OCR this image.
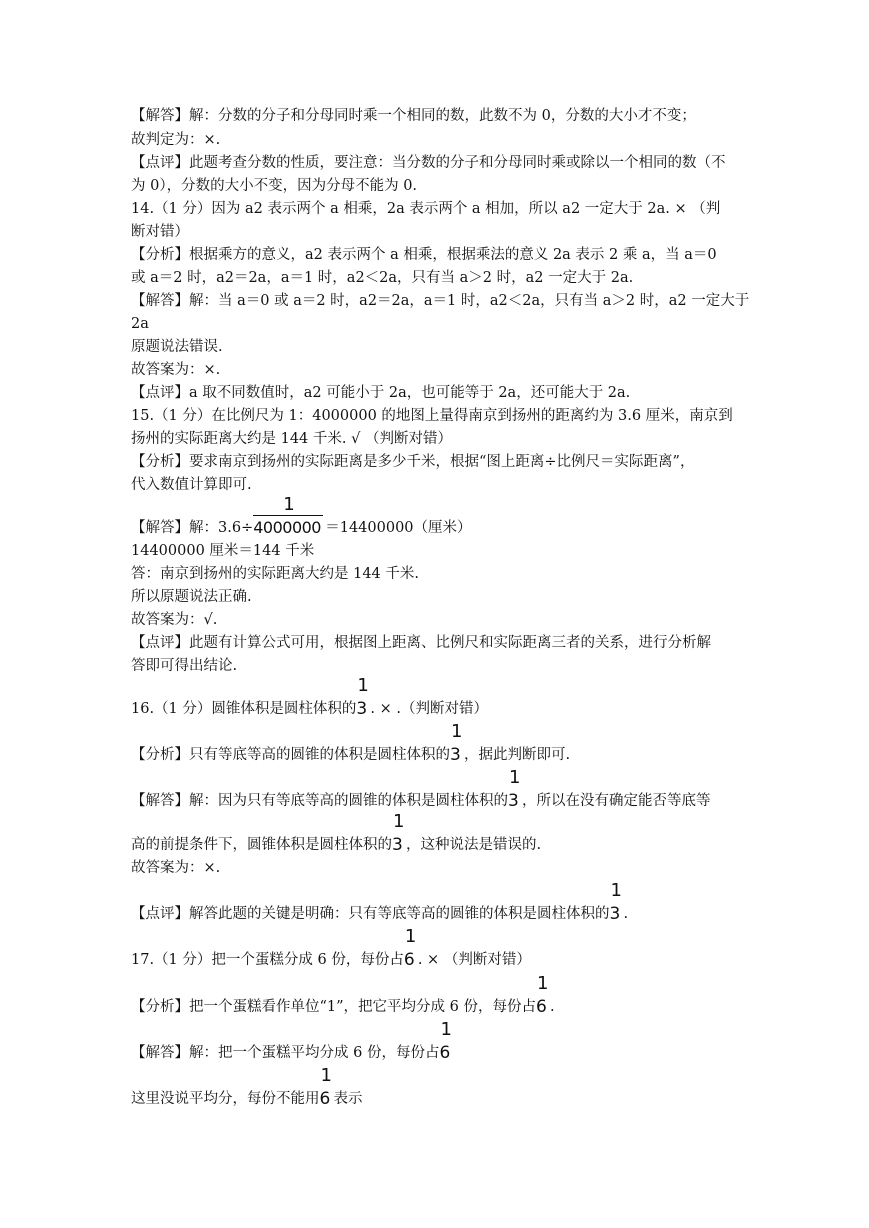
【解答】解：分数的分子和分母同时乘一个相同的数，此数不为 0，分数的大小才不变；
故判定为：×.
【点评】此题考查分数的性质，要注意：当分数的分子和分母同时乘或除以一个相同的数（不
为 0），分数的大小不变，因为分母不能为 0.
14.（1 分）因为 a2 表示两个 a 相乘，2a 表示两个 a 相加，所以 a2 一定大于 2a. × （判
断对错）
【分析】根据乘方的意义，a2 表示两个 a 相乘，根据乘法的意义 2a 表示 2 乘 a，当 a＝0
或 a＝2 时，a2＝2a，a＝1 时，a2＜2a，只有当 a＞2 时，a2 一定大于 2a.
【解答】解：当 a＝0 或 a＝2 时，a2＝2a，a＝1 时，a2＜2a，只有当 a＞2 时，a2 一定大于
2a
原题说法错误.
故答案为：×.
【点评】a 取不同数值时，a2 可能小于 2a，也可能等于 2a，还可能大于 2a.
15.（1 分）在比例尺为 1：4000000 的地图上量得南京到扬州的距离约为 3.6 厘米，南京到
扬州的实际距离大约是 144 千米. √ （判断对错）
【分析】要求南京到扬州的实际距离是多少千米，根据“图上距离÷比例尺＝实际距离”，
代入数值计算即可.
【解答】解：$3.6\div \frac{1}{4000000} =14400000$（厘米）
14400000 厘米＝144 千米
答：南京到扬州的实际距离大约是 144 千米.
所以原题说法正确.
故答案为：√.
【点评】此题有计算公式可用，根据图上距离、比例尺和实际距离三者的关系，进行分析解
答即可得出结论.
16.（1 分）圆锥体积是圆柱体积的
1
3 . × .（判断对错）
【分析】只有等底等高的圆锥的体积是圆柱体积的
1
3 ，据此判断即可.
【解答】解：因为只有等底等高的圆锥的体积是圆柱体积的
1
3 ，所以在没有确定能否等底等
高的前提条件下，圆锥体积是圆柱体积的
1
3 ，这种说法是错误的.
故答案为：×.
【点评】解答此题的关键是明确：只有等底等高的圆锥的体积是圆柱体积的
1
3 .
17.（1 分）把一个蛋糕分成 6 份，每份占
1
6 . × （判断对错）
【分析】把一个蛋糕看作单位“1”，把它平均分成 6 份，每份占
1
6 .
【解答】解：把一个蛋糕平均分成 6 份，每份占
1
6
这里没说平均分，每份不能用
1
6 表示
